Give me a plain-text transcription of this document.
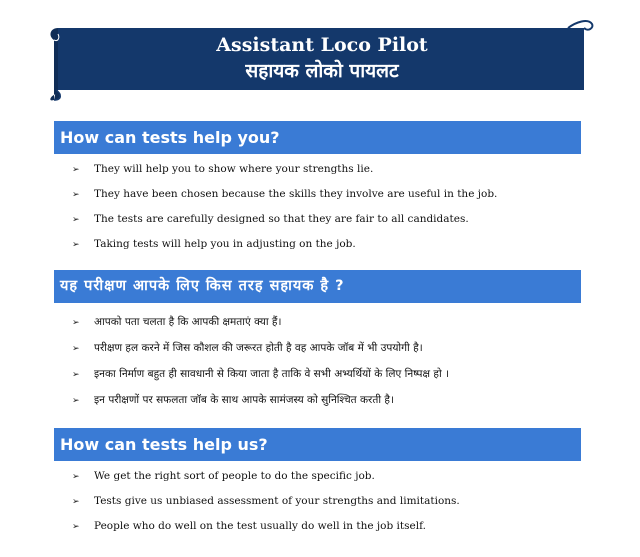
Assistant Loco Pilot
सहायक लोको पायलट
How can tests help you?
➢ They will help you to show where your strengths lie.
➢ They have been chosen because the skills they involve are useful in the job.
➢ The tests are carefully designed so that they are fair to all candidates.
➢ Taking tests will help you in adjusting on the job.
यह परीक्षण आपके लिए किस तरह सहायक है ?
➢ आपको पता चलता है कि आपकी क्षमताएं क्या हैं।
➢ परीक्षण हल करने में जिस कौशल की जरूरत होती है वह आपके जॉब में भी उपयोगी है।
➢ इनका निर्माण बहुत ही सावधानी से किया जाता है ताकि वे सभी अभ्यर्थियों के लिए निष्पक्ष हो ।
➢ इन परीक्षणों पर सफलता जॉब के साथ आपके सामंजस्य को सुनिश्चित करती है।
How can tests help us?
➢ We get the right sort of people to do the specific job.
➢ Tests give us unbiased assessment of your strengths and limitations.
➢ People who do well on the test usually do well in the job itself.
